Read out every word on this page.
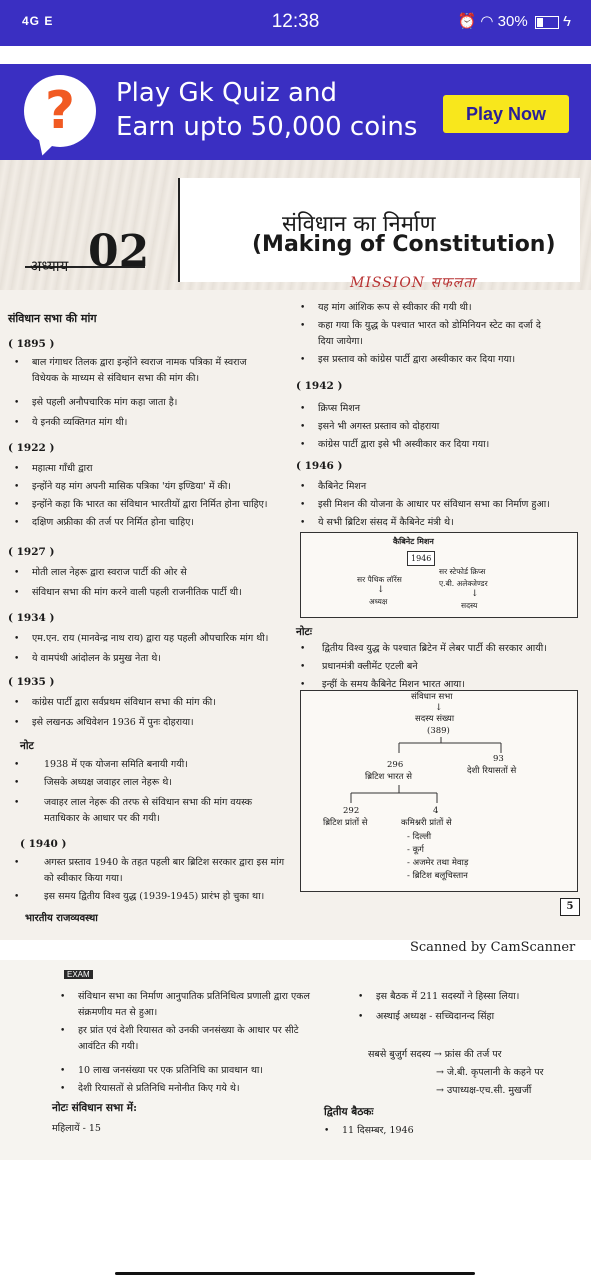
4G E	12:38	⏰ ◠ 30% ϟ
?	Play Gk Quiz and
Earn upto 50,000 coins	Play Now
अध्याय 02
संविधान का निर्माण
(Making of Constitution)
MISSION सफलता
संविधान सभा की मांग
( 1895 )
• बाल गंगाधर तिलक द्वारा इन्होंने स्वराज नामक पत्रिका में स्वराज
विधेयक के माध्यम से संविधान सभा की मांग की।
• इसे पहली अनौपचारिक मांग कहा जाता है।
• ये इनकी व्यक्तिगत मांग थी।
( 1922 )
• महात्मा गाँधी द्वारा
• इन्होंने यह मांग अपनी मासिक पत्रिका 'यंग इण्डिया' में की।
• इन्होंने कहा कि भारत का संविधान भारतीयों द्वारा निर्मित होना चाहिए।
• दक्षिण अफ्रीका की तर्ज पर निर्मित होना चाहिए।
( 1927 )
• मोती लाल नेहरू द्वारा स्वराज पार्टी की ओर से
• संविधान सभा की मांग करने वाली पहली राजनीतिक पार्टी थी।
( 1934 )
• एम.एन. राय (मानवेन्द्र नाथ राय) द्वारा यह पहली औपचारिक मांग थी।
• ये वामपंथी आंदोलन के प्रमुख नेता थे।
( 1935 )
• कांग्रेस पार्टी द्वारा सर्वप्रथम संविधान सभा की मांग की।
• इसे लखनऊ अधिवेशन 1936 में पुनः दोहराया।
नोट
•	1938 में एक योजना समिति बनायी गयी।
•	जिसके अध्यक्ष जवाहर लाल नेहरू थे।
•	जवाहर लाल नेहरू की तरफ से संविधान सभा की मांग वयस्क
मताधिकार के आधार पर की गयी।
( 1940 )
•	अगस्त प्रस्ताव 1940 के तहत पहली बार ब्रिटिश सरकार द्वारा इस मांग
को स्वीकार किया गया।
•	इस समय द्वितीय विश्व युद्ध (1939-1945) प्रारंभ हो चुका था।
भारतीय राजव्यवस्था
• यह मांग आंशिक रूप से स्वीकार की गयी थी।
• कहा गया कि युद्ध के पश्चात भारत को डोमिनियन स्टेट का दर्जा दे
दिया जायेगा।
• इस प्रस्ताव को कांग्रेस पार्टी द्वारा अस्वीकार कर दिया गया।
( 1942 )
• क्रिप्स मिशन
• इसने भी अगस्त प्रस्ताव को दोहराया
• कांग्रेस पार्टी द्वारा इसे भी अस्वीकार कर दिया गया।
( 1946 )
• कैबिनेट मिशन
• इसी मिशन की योजना के आधार पर संविधान सभा का निर्माण हुआ।
• ये सभी ब्रिटिश संसद में कैबिनेट मंत्री थे।
कैबिनेट मिशन
1946
सर पैथिक लॉरेंस
↓
अध्यक्ष
सर स्टेफोर्ड क्रिप्स
ए.बी. अलेक्जेण्डर
↓
सदस्य
नोटः
• द्वितीय विश्व युद्ध के पश्चात ब्रिटेन में लेबर पार्टी की सरकार आयी।
• प्रधानमंत्री क्लीमेंट एटली बने
• इन्हीं के समय कैबिनेट मिशन भारत आया।
संविधान सभा
↓
सदस्य संख्या
(389)
296
ब्रिटिश भारत से
93
देशी रियासतों से
292
ब्रिटिश प्रांतों से
4
कमिश्नरी प्रांतों से
- दिल्ली
- कूर्ग
- अजमेर तथा मेवाड़
- ब्रिटिश बलूचिस्तान
5
Scanned by CamScanner
EXAM
• संविधान सभा का निर्माण आनुपातिक प्रतिनिधित्व प्रणाली द्वारा एकल
संक्रमणीय मत से हुआ।
• हर प्रांत एवं देशी रियासत को उनकी जनसंख्या के आधार पर सीटे
आवंटित की गयी।
• 10 लाख जनसंख्या पर एक प्रतिनिधि का प्रावधान था।
• देशी रियासतों से प्रतिनिधि मनोनीत किए गये थे।
नोटः संविधान सभा में:
महिलायें - 15
• इस बैठक में 211 सदस्यों ने हिस्सा लिया।
• अस्थाई अध्यक्ष - सच्चिदानन्द सिंहा
सबसे बुजुर्ग सदस्य → फ्रांस की तर्ज पर
→ जे.बी. कृपलानी के कहने पर
→ उपाध्यक्ष-एच.सी. मुखर्जी
द्वितीय बैठकः
• 11 दिसम्बर, 1946
